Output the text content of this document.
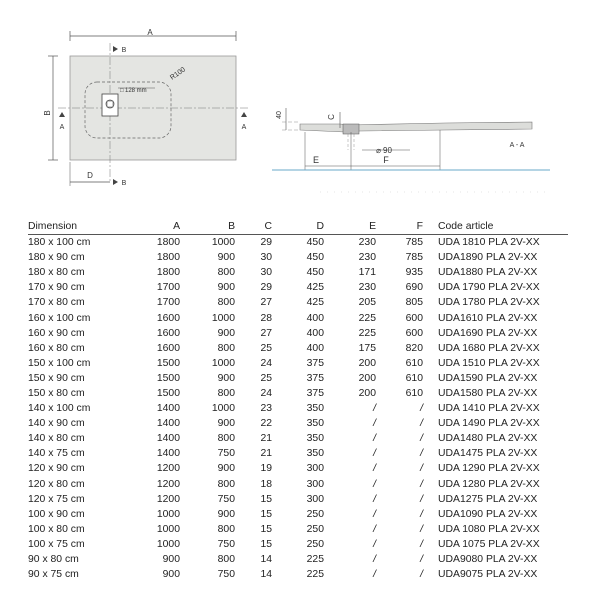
A
B
A	A
B
128 mm
□
R100
D
B
40	C
⌀ 90
E	F
A - A
Dimension	A	B	C	D	E	F	Code article
180 x 100 cm	1800	1000	29	450	230	785	UDA 1810 PLA 2V-XX
180 x 90 cm	1800	900	30	450	230	785	UDA1890 PLA 2V-XX
180 x 80 cm	1800	800	30	450	171	935	UDA1880 PLA 2V-XX
170 x 90 cm	1700	900	29	425	230	690	UDA 1790 PLA 2V-XX
170 x 80 cm	1700	800	27	425	205	805	UDA 1780 PLA 2V-XX
160 x 100 cm	1600	1000	28	400	225	600	UDA1610 PLA 2V-XX
160 x 90 cm	1600	900	27	400	225	600	UDA1690 PLA 2V-XX
160 x 80 cm	1600	800	25	400	175	820	UDA 1680 PLA 2V-XX
150 x 100 cm	1500	1000	24	375	200	610	UDA 1510 PLA 2V-XX
150 x 90 cm	1500	900	25	375	200	610	UDA1590 PLA 2V-XX
150 x 80 cm	1500	800	24	375	200	610	UDA1580 PLA 2V-XX
140 x 100 cm	1400	1000	23	350	/	/	UDA 1410 PLA 2V-XX
140 x 90 cm	1400	900	22	350	/	/	UDA 1490 PLA 2V-XX
140 x 80 cm	1400	800	21	350	/	/	UDA1480 PLA 2V-XX
140 x 75 cm	1400	750	21	350	/	/	UDA1475 PLA 2V-XX
120 x 90 cm	1200	900	19	300	/	/	UDA 1290 PLA 2V-XX
120 x 80 cm	1200	800	18	300	/	/	UDA 1280 PLA 2V-XX
120 x 75 cm	1200	750	15	300	/	/	UDA1275 PLA 2V-XX
100 x 90 cm	1000	900	15	250	/	/	UDA1090 PLA 2V-XX
100 x 80 cm	1000	800	15	250	/	/	UDA 1080 PLA 2V-XX
100 x 75 cm	1000	750	15	250	/	/	UDA 1075 PLA 2V-XX
90 x 80 cm	900	800	14	225	/	/	UDA9080 PLA 2V-XX
90 x 75 cm	900	750	14	225	/	/	UDA9075 PLA 2V-XX
